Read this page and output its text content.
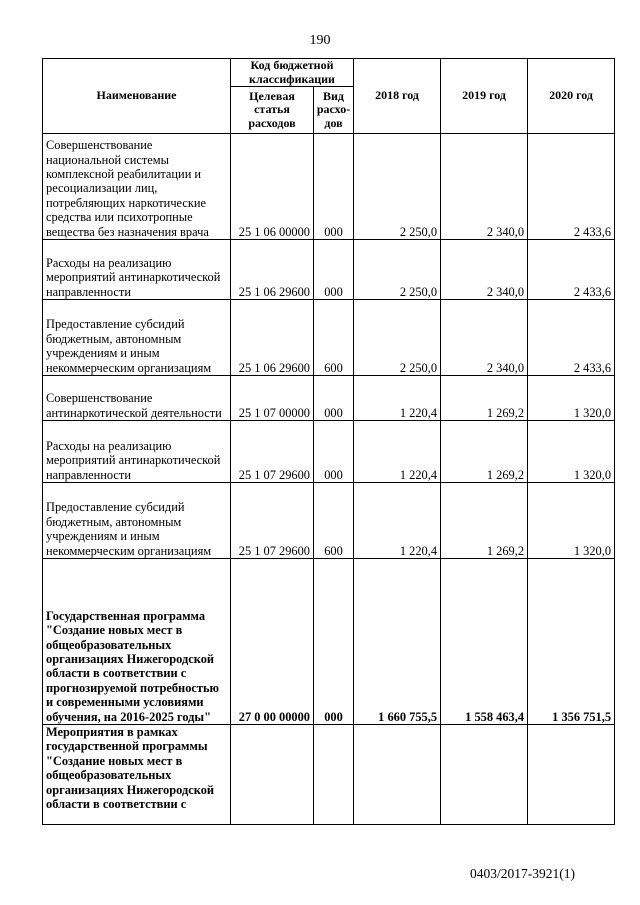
190
Наименование	Код бюджетной классификации		2018 год	2019 год	2020 год
	Целевая статья расходов	Вид расхо-дов			
Совершенствование национальной системы комплексной реабилитации и ресоциализации лиц, потребляющих наркотические средства или психотропные вещества без назначения врача	25 1 06 00000	000	2 250,0	2 340,0	2 433,6
Расходы на реализацию мероприятий антинаркотической направленности	25 1 06 29600	000	2 250,0	2 340,0	2 433,6
Предоставление субсидий бюджетным, автономным учреждениям и иным некоммерческим организациям	25 1 06 29600	600	2 250,0	2 340,0	2 433,6
Совершенствование антинаркотической деятельности	25 1 07 00000	000	1 220,4	1 269,2	1 320,0
Расходы на реализацию мероприятий антинаркотической направленности	25 1 07 29600	000	1 220,4	1 269,2	1 320,0
Предоставление субсидий бюджетным, автономным учреждениям и иным некоммерческим организациям	25 1 07 29600	600	1 220,4	1 269,2	1 320,0
Государственная программа "Создание новых мест в общеобразовательных организациях Нижегородской области в соответствии с прогнозируемой потребностью и современными условиями обучения, на 2016-2025 годы"	27 0 00 00000	000	1 660 755,5	1 558 463,4	1 356 751,5
Мероприятия в рамках государственной программы "Создание новых мест в общеобразовательных организациях Нижегородской области в соответствии с					
0403/2017-3921(1)
